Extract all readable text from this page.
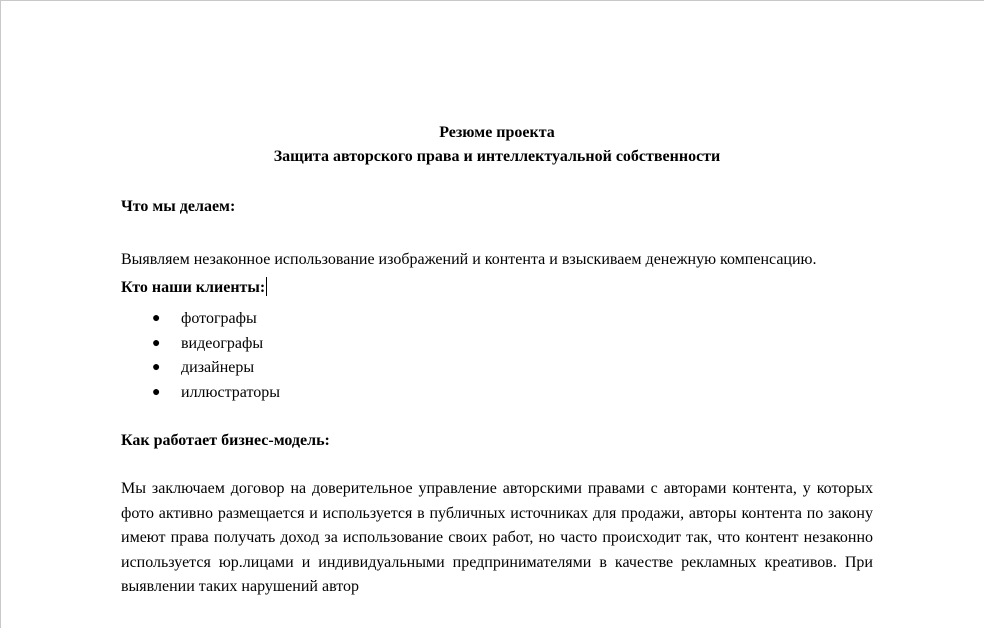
Резюме проекта

Защита авторского права и интеллектуальной собственности

Что мы делаем:

Выявляем незаконное использование изображений и контента и взыскиваем денежную компенсацию.

Кто наши клиенты:

● фотографы
● видеографы
● дизайнеры
● иллюстраторы

Как работает бизнес-модель:

Мы заключаем договор на доверительное управление авторскими правами с авторами контента, у которых фото активно размещается и используется в публичных источниках для продажи, авторы контента по закону имеют права получать доход за использование своих работ, но часто происходит так, что контент незаконно используется юр.лицами и индивидуальными предпринимателями в качестве рекламных креативов. При выявлении таких нарушений автор
